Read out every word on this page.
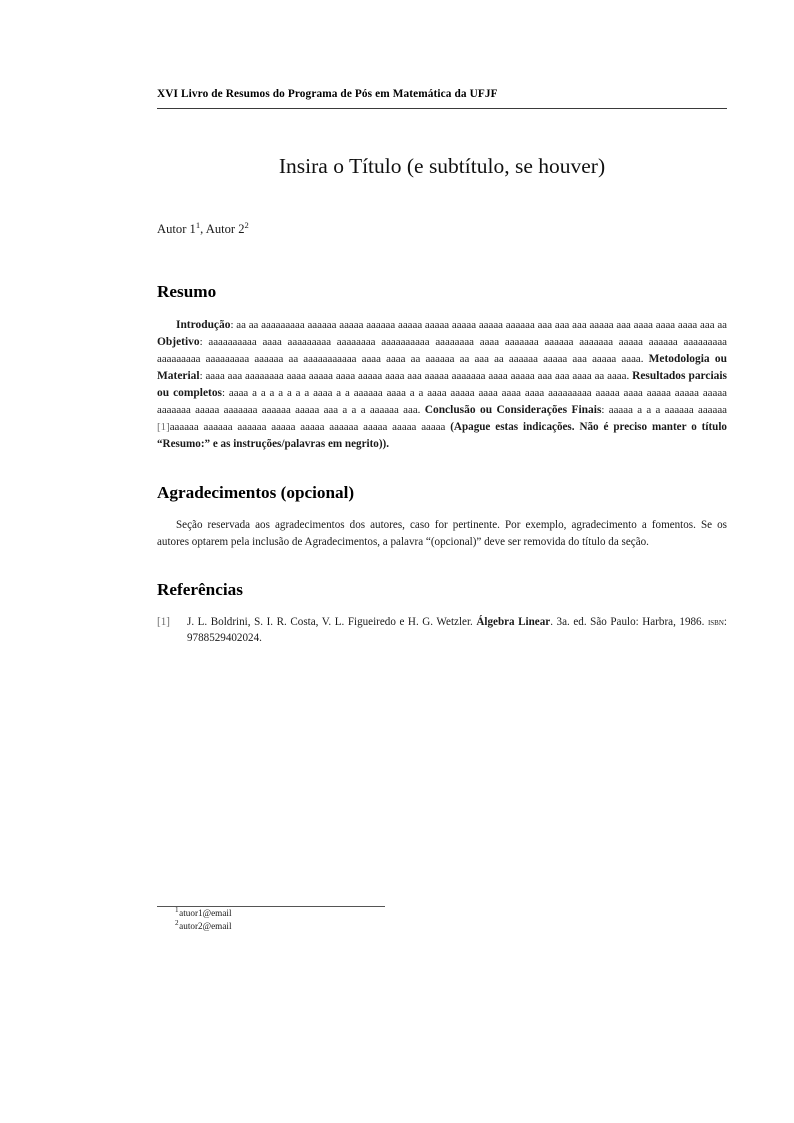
XVI Livro de Resumos do Programa de Pós em Matemática da UFJF
Insira o Título (e subtítulo, se houver)
Autor $1^1$, Autor $2^2$
Resumo

Introdução: aa aa aaaaaaaaa aaaaaa aaaaa aaaaaa aaaaa aaaaa aaaaa aaaaa aaaaaa aaa aaa aaa aaaaa aaa aaaa aaaa aaaa aaa aa Objetivo: aaaaaaaaaa aaaa aaaaaaaaa aaaaaaaa aaaaaaaaaa aaaaaaaa aaaa aaaaaaa aaaaaa aaaaaaa aaaaa aaaaaa aaaaaaaaa aaaaaaaaa aaaaaaaaa aaaaaa aa aaaaaaaaaaa aaaa aaaa aa aaaaaa aa aaa aa aaaaaa aaaaa aaa aaaaa aaaa. Metodologia ou Material: aaaa aaa aaaaaaaa aaaa aaaaa aaaa aaaaa aaaa aaa aaaaa aaaaaaa aaaa aaaaa aaa aaa aaaa aa aaaa. Resultados parciais ou completos: aaaa a a a a a a a aaaa a a aaaaaa aaaa a a aaaa aaaaa aaaa aaaa aaaa aaaaaaaaa aaaaa aaaa aaaaa aaaaa aaaaa aaaaaaa aaaaa aaaaaaa aaaaaa aaaaa aaa a a a aaaaaa aaa. Conclusão ou Considerações Finais: aaaaa a a a aaaaaa aaaaaa [1]aaaaaa aaaaaa aaaaaa aaaaa aaaaa aaaaaa aaaaa aaaaa aaaaa (Apague estas indicações. Não é preciso manter o título “Resumo:” e as instruções/palavras em negrito)).

Agradecimentos (opcional)

Seção reservada aos agradecimentos dos autores, caso for pertinente. Por exemplo, agradecimento a fomentos. Se os autores optarem pela inclusão de Agradecimentos, a palavra “(opcional)” deve ser removida do título da seção.

Referências
[1]	J. L. Boldrini, S. I. R. Costa, V. L. Figueiredo e H. G. Wetzler. Álgebra Linear. 3a. ed. São Paulo: Harbra, 1986. isbn: 9788529402024.
$^1$atuor1@email
$^2$autor2@email
